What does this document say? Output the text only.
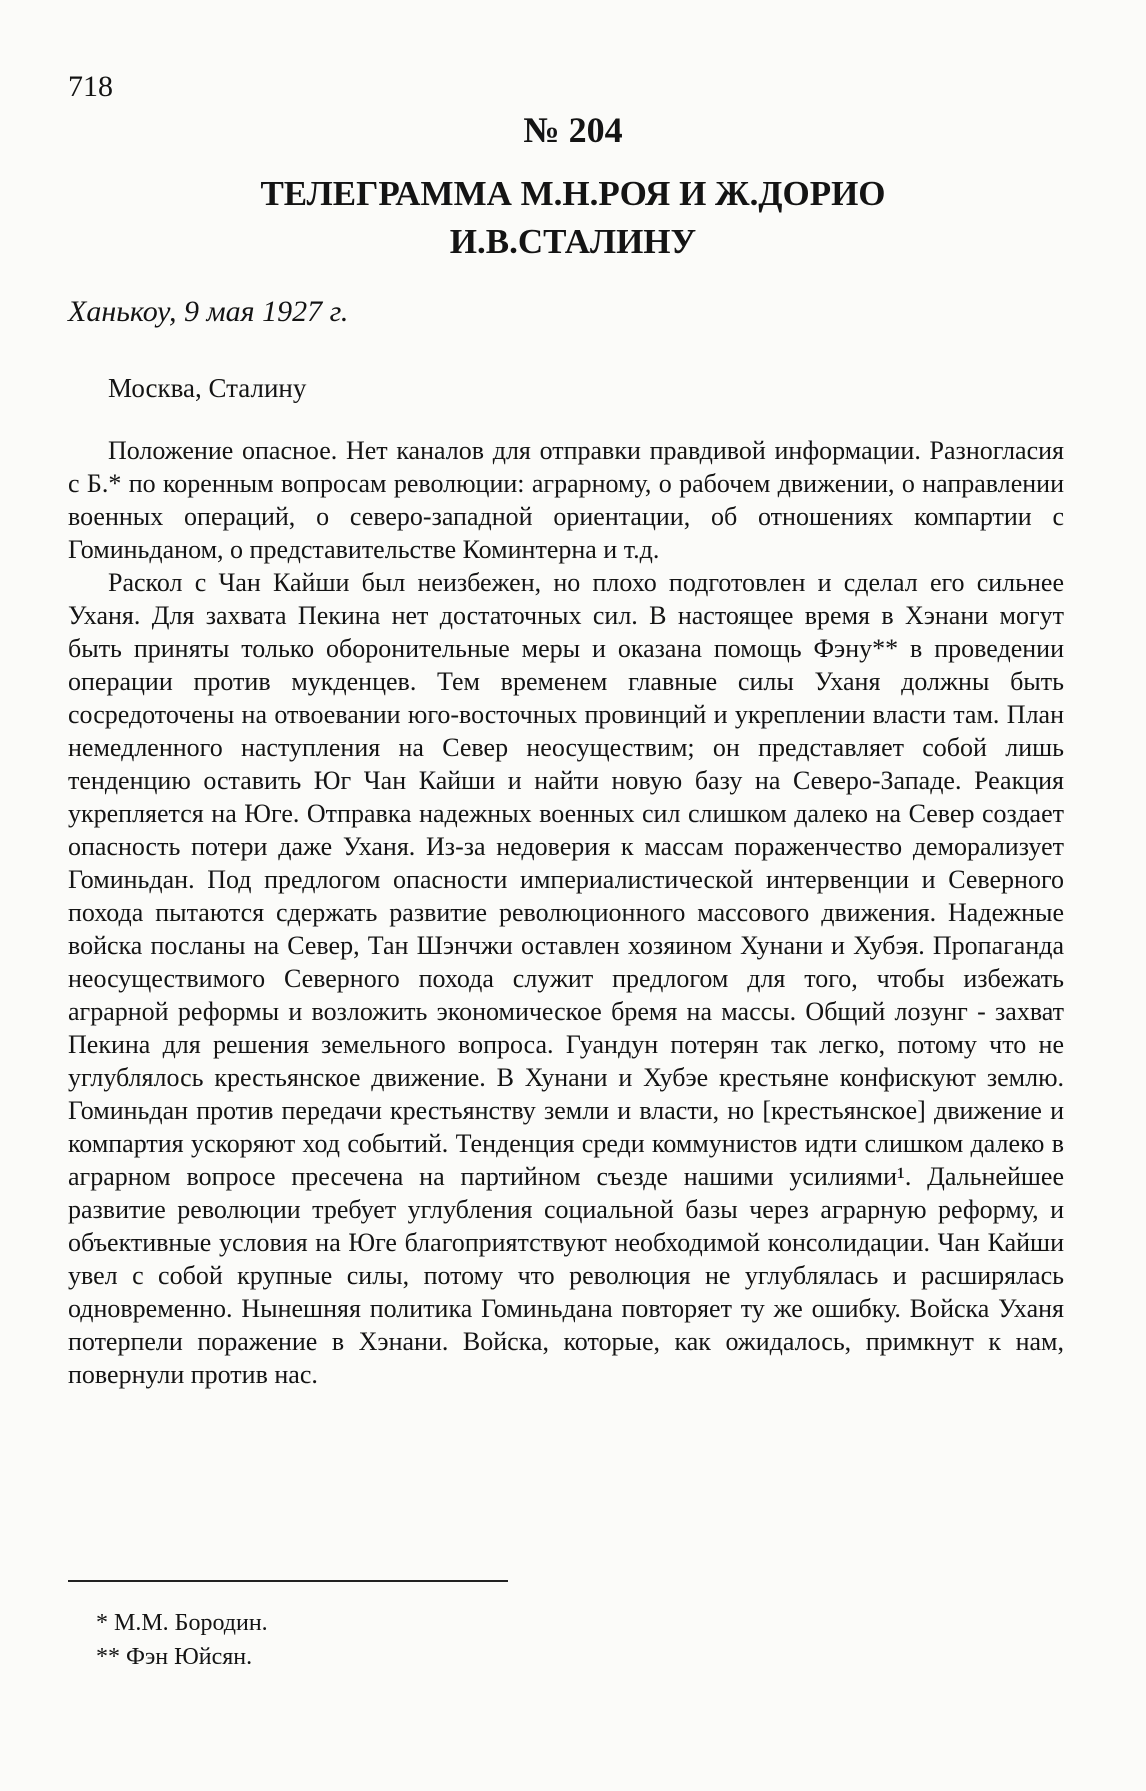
718
№ 204
ТЕЛЕГРАММА М.Н.РОЯ И Ж.ДОРИО И.В.СТАЛИНУ
Ханькоу, 9 мая 1927 г.
Москва, Сталину

Положение опасное. Нет каналов для отправки правдивой информации. Разногласия с Б.* по коренным вопросам революции: аграрному, о рабочем движении, о направлении военных операций, о северо-западной ориентации, об отношениях компартии с Гоминьданом, о представительстве Коминтерна и т.д.

Раскол с Чан Кайши был неизбежен, но плохо подготовлен и сделал его сильнее Уханя. Для захвата Пекина нет достаточных сил. В настоящее время в Хэнани могут быть приняты только оборонительные меры и оказана помощь Фэну** в проведении операции против мукденцев. Тем временем главные силы Уханя должны быть сосредоточены на отвоевании юго-восточных провинций и укреплении власти там. План немедленного наступления на Север неосуществим; он представляет собой лишь тенденцию оставить Юг Чан Кайши и найти новую базу на Северо-Западе. Реакция укрепляется на Юге. Отправка надежных военных сил слишком далеко на Север создает опасность потери даже Уханя. Из-за недоверия к массам пораженчество деморализует Гоминьдан. Под предлогом опасности империалистической интервенции и Северного похода пытаются сдержать развитие революционного массового движения. Надежные войска посланы на Север, Тан Шэнчжи оставлен хозяином Хунани и Хубэя. Пропаганда неосуществимого Северного похода служит предлогом для того, чтобы избежать аграрной реформы и возложить экономическое бремя на массы. Общий лозунг - захват Пекина для решения земельного вопроса. Гуандун потерян так легко, потому что не углублялось крестьянское движение. В Хунани и Хубэе крестьяне конфискуют землю. Гоминьдан против передачи крестьянству земли и власти, но [крестьянское] движение и компартия ускоряют ход событий. Тенденция среди коммунистов идти слишком далеко в аграрном вопросе пресечена на партийном съезде нашими усилиями¹. Дальнейшее развитие революции требует углубления социальной базы через аграрную реформу, и объективные условия на Юге благоприятствуют необходимой консолидации. Чан Кайши увел с собой крупные силы, потому что революция не углублялась и расширялась одновременно. Нынешняя политика Гоминьдана повторяет ту же ошибку. Войска Уханя потерпели поражение в Хэнани. Войска, которые, как ожидалось, примкнут к нам, повернули против нас.

* М.М. Бородин.

** Фэн Юйсян.
